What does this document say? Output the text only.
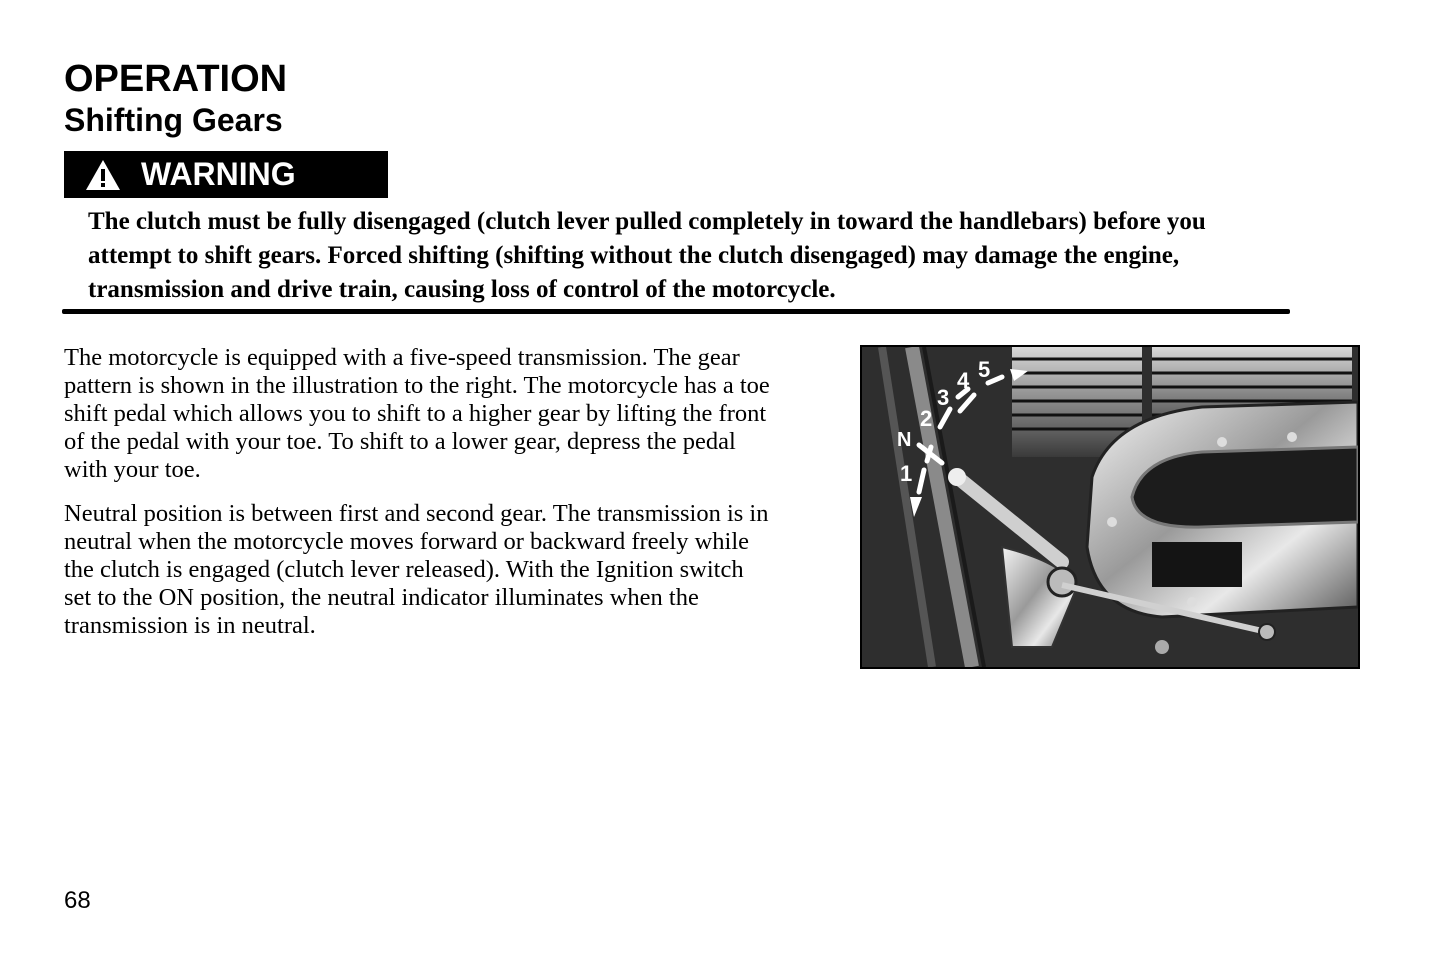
OPERATION
Shifting Gears
WARNING

The clutch must be fully disengaged (clutch lever pulled completely in toward the handlebars) before you attempt to shift gears. Forced shifting (shifting without the clutch disengaged) may damage the engine, transmission and drive train, causing loss of control of the motorcycle.

The motorcycle is equipped with a five-speed transmission. The gear pattern is shown in the illustration to the right. The motorcycle has a toe shift pedal which allows you to shift to a higher gear by lifting the front of the pedal with your toe. To shift to a lower gear, depress the pedal with your toe.

Neutral position is between first and second gear. The transmission is in neutral when the motorcycle moves forward or backward freely while the clutch is engaged (clutch lever released). With the Ignition switch set to the ON position, the neutral indicator illuminates when the transmission is in neutral.

1
N
2
3
4 5

68
